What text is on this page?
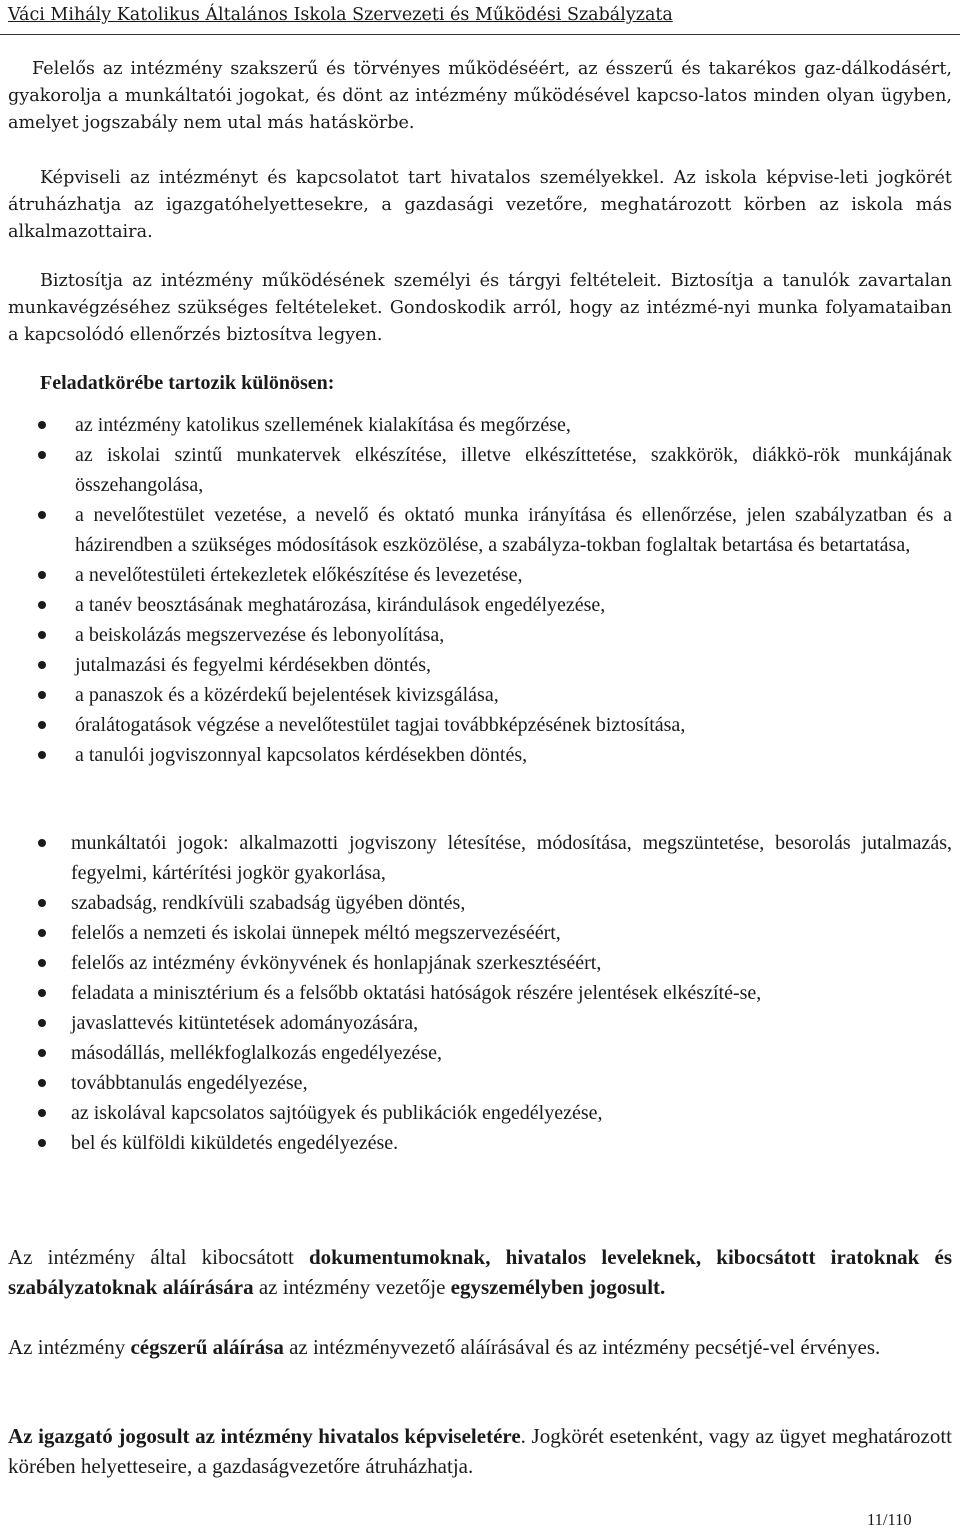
Váci Mihály Katolikus Általános Iskola Szervezeti és Működési Szabályzata
Felelős az intézmény szakszerű és törvényes működéséért, az ésszerű és takarékos gaz-dálkodásért, gyakorolja a munkáltatói jogokat, és dönt az intézmény működésével kapcso-latos minden olyan ügyben, amelyet jogszabály nem utal más hatáskörbe.
Képviseli az intézményt és kapcsolatot tart hivatalos személyekkel. Az iskola képvise-leti jogkörét átruházhatja az igazgatóhelyettesekre, a gazdasági vezetőre, meghatározott körben az iskola más alkalmazottaira.
Biztosítja az intézmény működésének személyi és tárgyi feltételeit. Biztosítja a tanulók zavartalan munkavégzéséhez szükséges feltételeket. Gondoskodik arról, hogy az intézmé-nyi munka folyamataiban a kapcsolódó ellenőrzés biztosítva legyen.
Feladatkörébe tartozik különösen:
az intézmény katolikus szellemének kialakítása és megőrzése,
az iskolai szintű munkatervek elkészítése, illetve elkészíttetése, szakkörök, diákkö-rök munkájának összehangolása,
a nevelőtestület vezetése, a nevelő és oktató munka irányítása és ellenőrzése, jelen szabályzatban és a házirendben a szükséges módosítások eszközölése, a szabályza-tokban foglaltak betartása és betartatása,
a nevelőtestületi értekezletek előkészítése és levezetése,
a tanév beosztásának meghatározása, kirándulások engedélyezése,
a beiskolázás megszervezése és lebonyolítása,
jutalmazási és fegyelmi kérdésekben döntés,
a panaszok és a közérdekű bejelentések kivizsgálása,
óralátogatások végzése a nevelőtestület tagjai továbbképzésének biztosítása,
a tanulói jogviszonnyal kapcsolatos kérdésekben döntés,
munkáltatói jogok: alkalmazotti jogviszony létesítése, módosítása, megszüntetése, besorolás jutalmazás, fegyelmi, kártérítési jogkör gyakorlása,
szabadság, rendkívüli szabadság ügyében döntés,
felelős a nemzeti és iskolai ünnepek méltó megszervezéséért,
felelős az intézmény évkönyvének és honlapjának szerkesztéséért,
feladata a minisztérium és a felsőbb oktatási hatóságok részére jelentések elkészíté-se,
javaslattevés kitüntetések adományozására,
másodállás, mellékfoglalkozás engedélyezése,
továbbtanulás engedélyezése,
az iskolával kapcsolatos sajtóügyek és publikációk engedélyezése,
bel és külföldi kiküldetés engedélyezése.
Az intézmény által kibocsátott dokumentumoknak, hivatalos leveleknek, kibocsátott iratoknak és szabályzatoknak aláírására az intézmény vezetője egyszemélyben jogosult.
Az intézmény cégszerű aláírása az intézményvezető aláírásával és az intézmény pecsétjé-vel érvényes.
Az igazgató jogosult az intézmény hivatalos képviseletére. Jogkörét esetenként, vagy az ügyet meghatározott körében helyetteseire, a gazdaságvezetőre átruházhatja.
11/110
